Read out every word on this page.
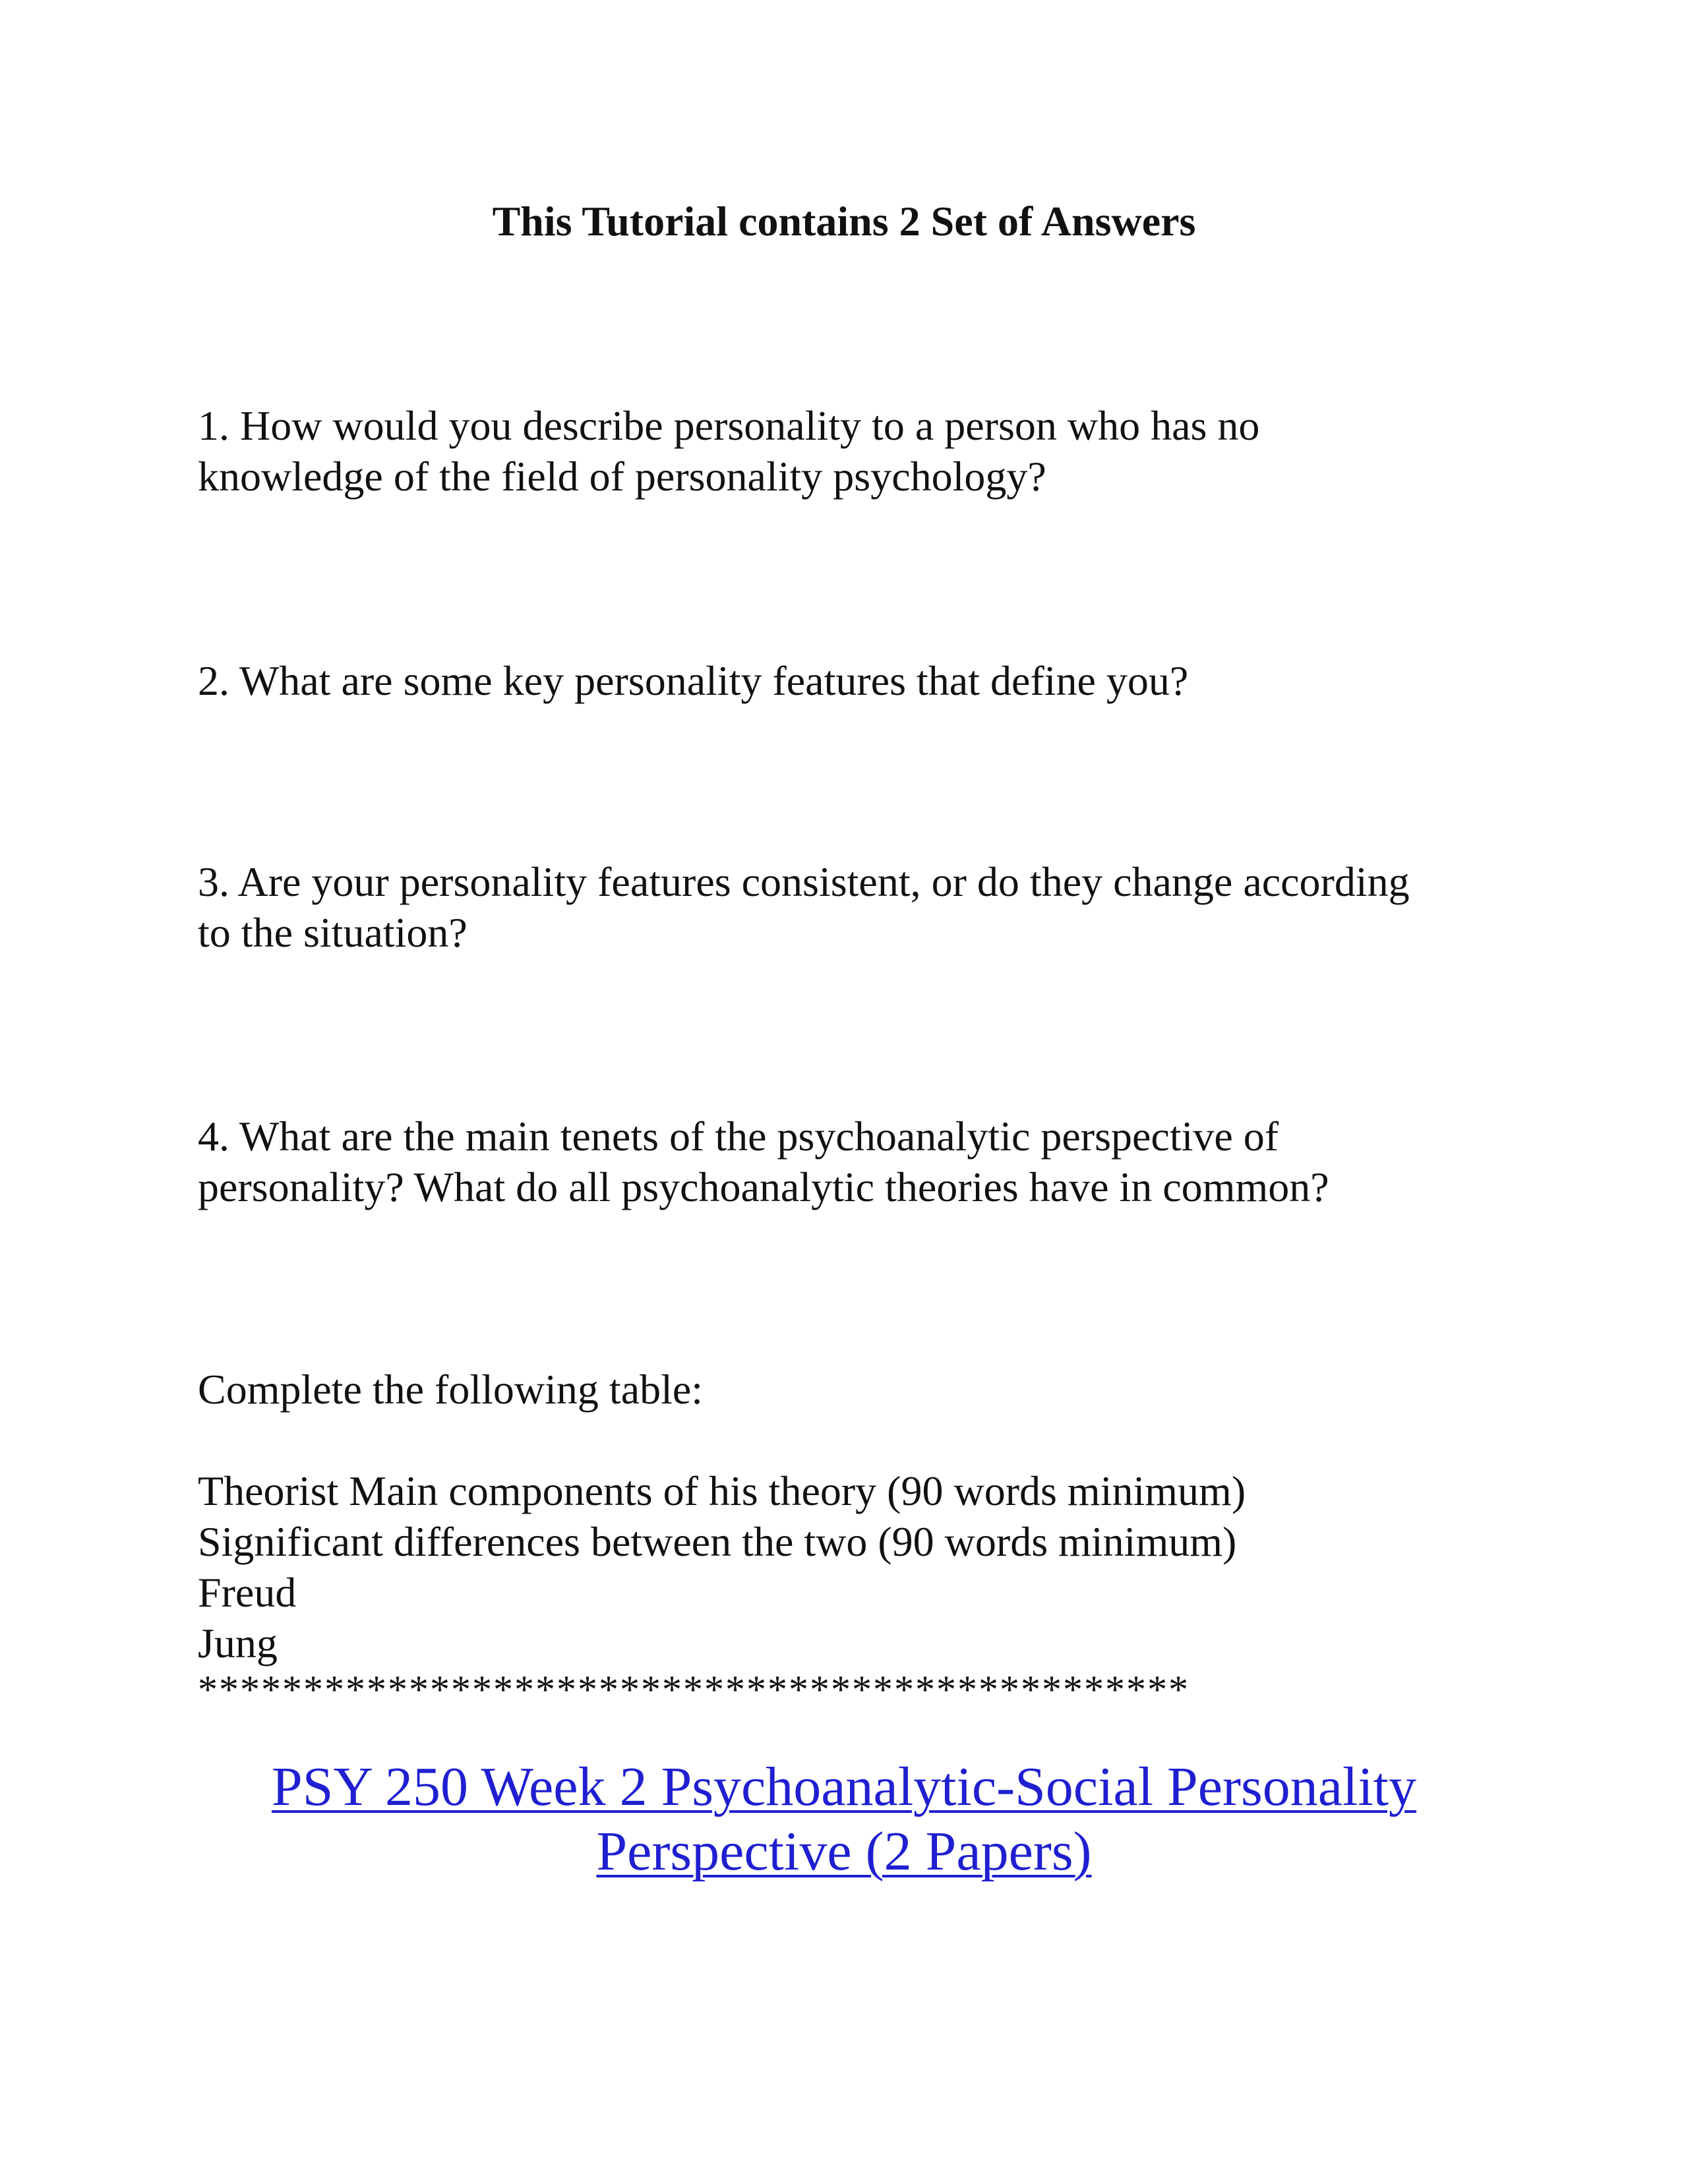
This Tutorial contains 2 Set of Answers

1. How would you describe personality to a person who has no
knowledge of the field of personality psychology?

2. What are some key personality features that define you?

3. Are your personality features consistent, or do they change according
to the situation?

4. What are the main tenets of the psychoanalytic perspective of
personality? What do all psychoanalytic theories have in common?

Complete the following table:

Theorist Main components of his theory (90 words minimum)
Significant differences between the two (90 words minimum)
Freud
Jung

***********************************************

PSY 250 Week 2 Psychoanalytic-Social Personality
Perspective (2 Papers)
